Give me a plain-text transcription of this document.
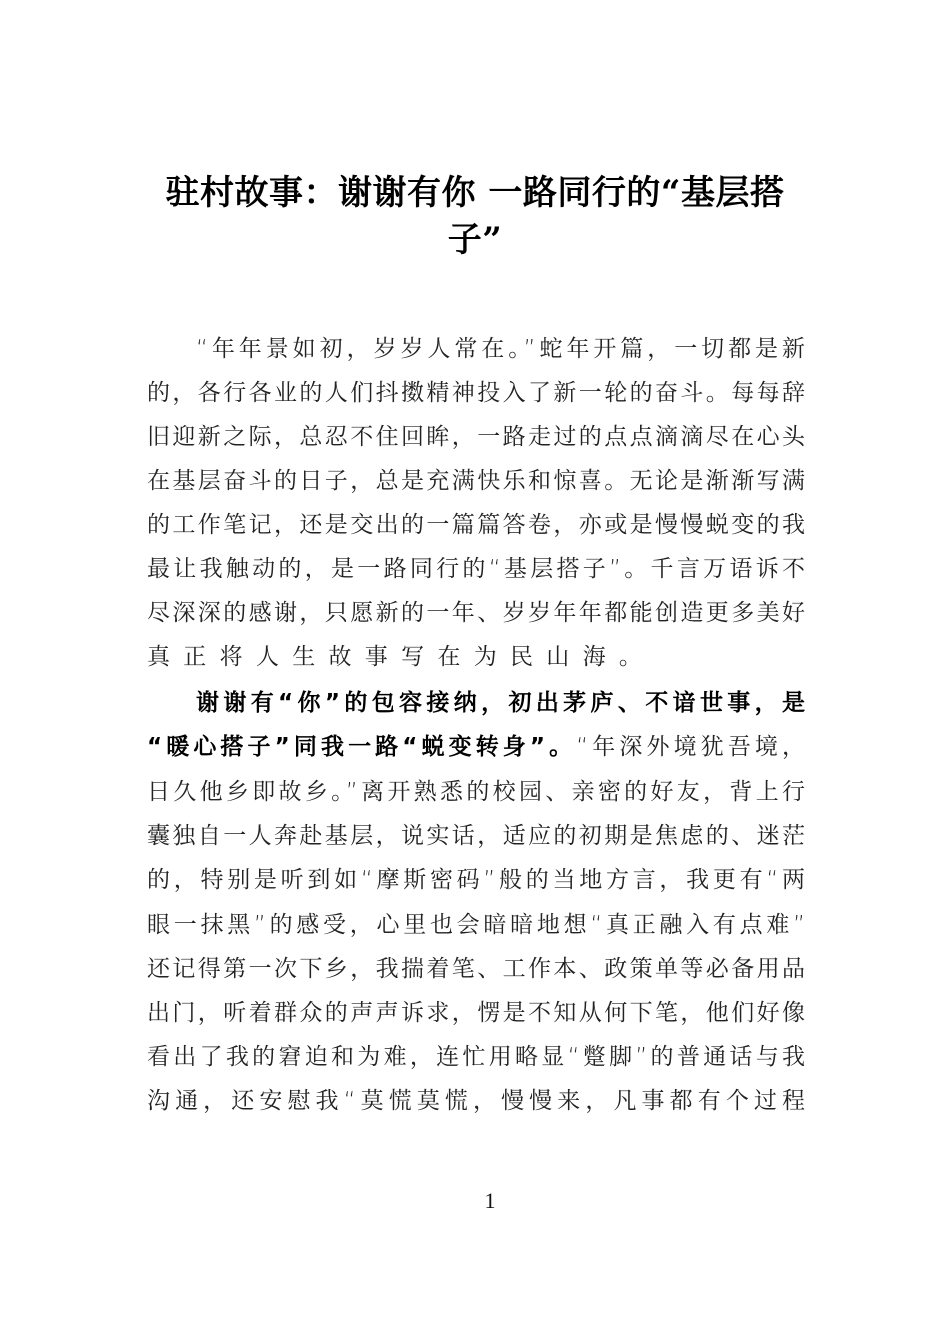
驻村故事：谢谢有你 一路同行的“基层搭
子”
“年年景如初，岁岁人常在。”蛇年开篇，一切都是新
的，各行各业的人们抖擞精神投入了新一轮的奋斗。每每辞
旧迎新之际，总忍不住回眸，一路走过的点点滴滴尽在心头
在基层奋斗的日子，总是充满快乐和惊喜。无论是渐渐写满
的工作笔记，还是交出的一篇篇答卷，亦或是慢慢蜕变的我
最让我触动的，是一路同行的“基层搭子”。千言万语诉不
尽深深的感谢，只愿新的一年、岁岁年年都能创造更多美好
真正将人生故事写在为民山海。
谢谢有“你”的包容接纳，初出茅庐、不谙世事，是
“暖心搭子”同我一路“蜕变转身”。“年深外境犹吾境，
日久他乡即故乡。”离开熟悉的校园、亲密的好友，背上行
囊独自一人奔赴基层，说实话，适应的初期是焦虑的、迷茫
的，特别是听到如“摩斯密码”般的当地方言，我更有“两
眼一抹黑”的感受，心里也会暗暗地想“真正融入有点难”
还记得第一次下乡，我揣着笔、工作本、政策单等必备用品
出门，听着群众的声声诉求，愣是不知从何下笔，他们好像
看出了我的窘迫和为难，连忙用略显“蹩脚”的普通话与我
沟通，还安慰我“莫慌莫慌，慢慢来，凡事都有个过程
1
